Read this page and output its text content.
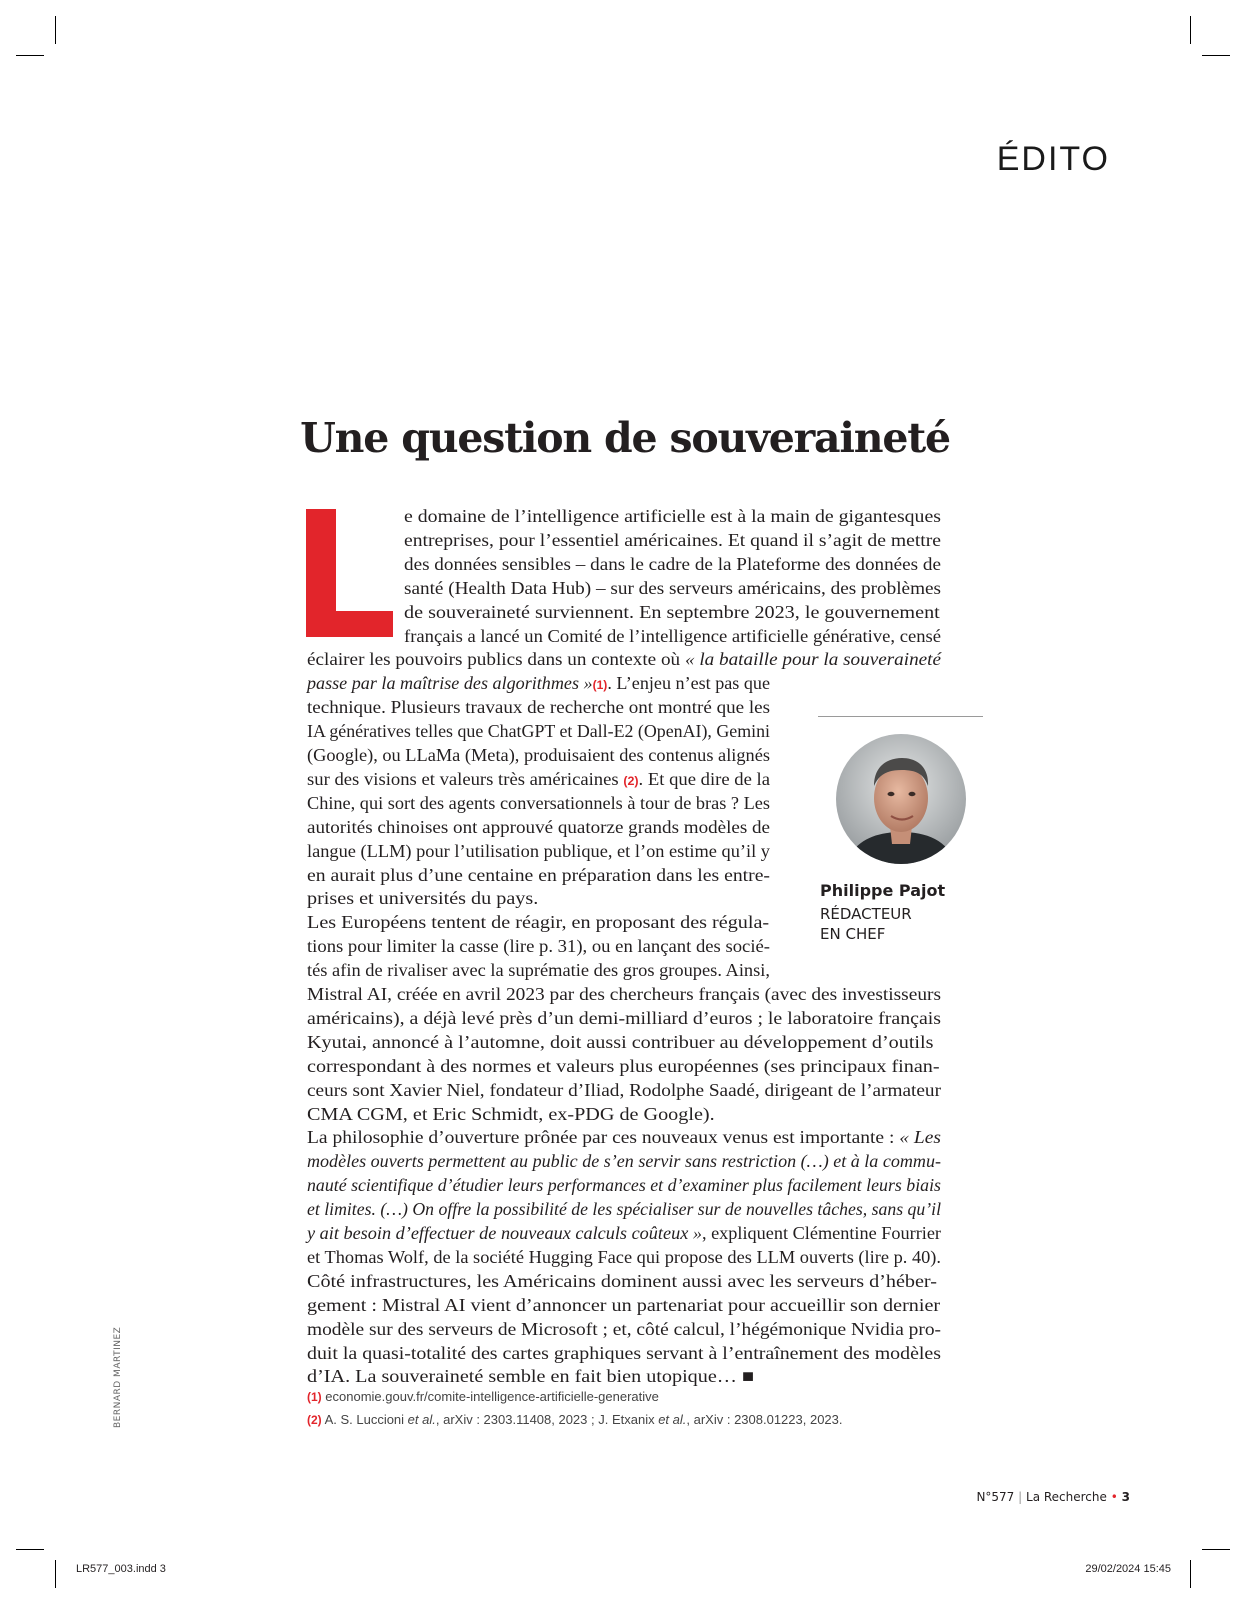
ÉDITO
Une question de souveraineté
e domaine de l’intelligence artificielle est à la main de gigantesques
entreprises, pour l’essentiel américaines. Et quand il s’agit de mettre
des données sensibles – dans le cadre de la Plateforme des données de
santé (Health Data Hub) – sur des serveurs américains, des problèmes
de souveraineté surviennent. En septembre 2023, le gouvernement
français a lancé un Comité de l’intelligence artificielle générative, censé
éclairer les pouvoirs publics dans un contexte où « la bataille pour la souveraineté
passe par la maîtrise des algorithmes »(1). L’enjeu n’est pas que
technique. Plusieurs travaux de recherche ont montré que les
IA génératives telles que ChatGPT et Dall-E2 (OpenAI), Gemini
(Google), ou LLaMa (Meta), produisaient des contenus alignés
sur des visions et valeurs très américaines (2). Et que dire de la
Chine, qui sort des agents conversationnels à tour de bras ? Les
autorités chinoises ont approuvé quatorze grands modèles de
langue (LLM) pour l’utilisation publique, et l’on estime qu’il y
en aurait plus d’une centaine en préparation dans les entre-
prises et universités du pays.
Les Européens tentent de réagir, en proposant des régula-
tions pour limiter la casse (lire p. 31), ou en lançant des socié-
tés afin de rivaliser avec la suprématie des gros groupes. Ainsi,
Mistral AI, créée en avril 2023 par des chercheurs français (avec des investisseurs
américains), a déjà levé près d’un demi-milliard d’euros ; le laboratoire français
Kyutai, annoncé à l’automne, doit aussi contribuer au développement d’outils
correspondant à des normes et valeurs plus européennes (ses principaux finan-
ceurs sont Xavier Niel, fondateur d’Iliad, Rodolphe Saadé, dirigeant de l’armateur
CMA CGM, et Eric Schmidt, ex-PDG de Google).
La philosophie d’ouverture prônée par ces nouveaux venus est importante : « Les
modèles ouverts permettent au public de s’en servir sans restriction (…) et à la commu-
nauté scientifique d’étudier leurs performances et d’examiner plus facilement leurs biais
et limites. (…) On offre la possibilité de les spécialiser sur de nouvelles tâches, sans qu’il
y ait besoin d’effectuer de nouveaux calculs coûteux », expliquent Clémentine Fourrier
et Thomas Wolf, de la société Hugging Face qui propose des LLM ouverts (lire p. 40).
Côté infrastructures, les Américains dominent aussi avec les serveurs d’héber-
gement : Mistral AI vient d’annoncer un partenariat pour accueillir son dernier
modèle sur des serveurs de Microsoft ; et, côté calcul, l’hégémonique Nvidia pro-
duit la quasi-totalité des cartes graphiques servant à l’entraînement des modèles
d’IA. La souveraineté semble en fait bien utopique… ■
(1) economie.gouv.fr/comite-intelligence-artificielle-generative
(2) A. S. Luccioni et al., arXiv : 2303.11408, 2023 ; J. Etxanix et al., arXiv : 2308.01223, 2023.
Philippe Pajot
RÉDACTEUR
EN CHEF
BERNARD MARTINEZ
N°577 | La Recherche • 3
LR577_003.indd 3	29/02/2024 15:45
